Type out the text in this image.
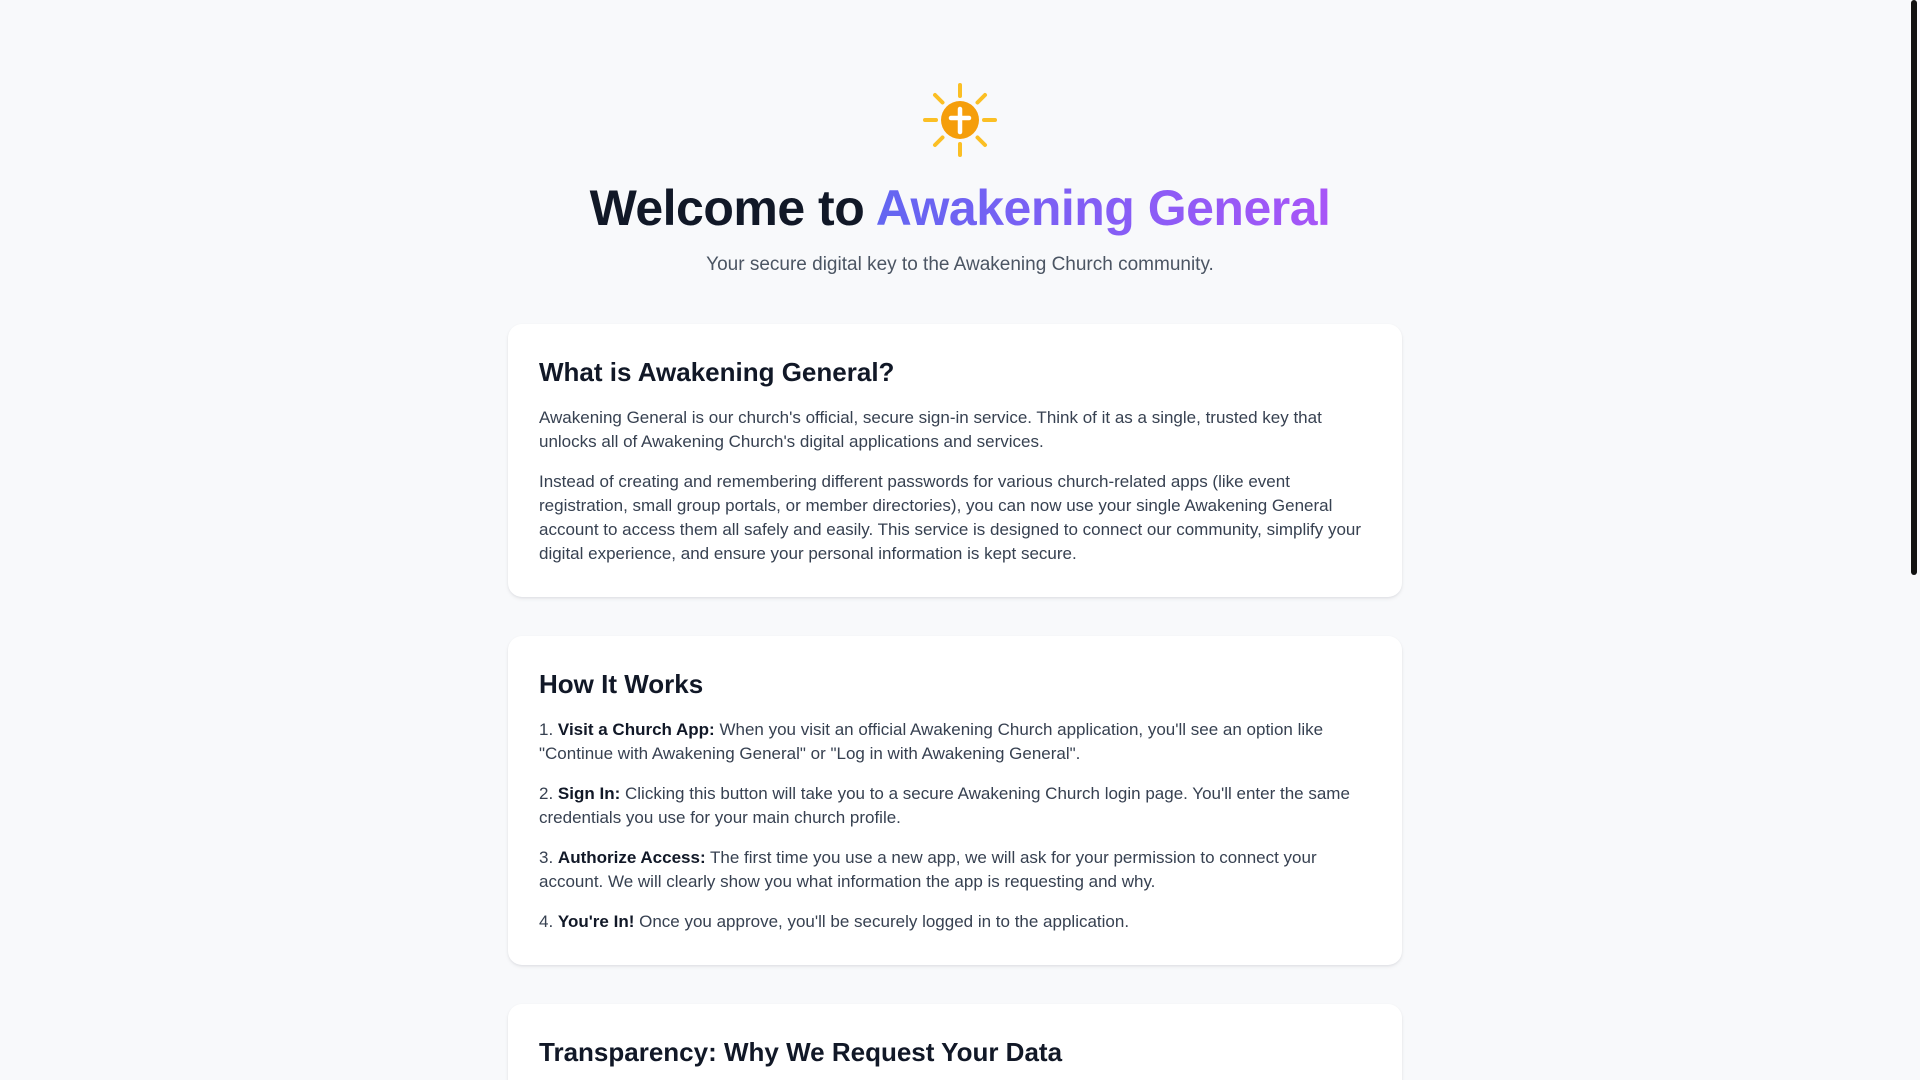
Welcome to Awakening General

Your secure digital key to the Awakening Church community.

What is Awakening General?

Awakening General is our church's official, secure sign-in service. Think of it as a single, trusted key that unlocks all of Awakening Church's digital applications and services.

Instead of creating and remembering different passwords for various church-related apps (like event registration, small group portals, or member directories), you can now use your single Awakening General account to access them all safely and easily. This service is designed to connect our community, simplify your digital experience, and ensure your personal information is kept secure.

How It Works

1. Visit a Church App: When you visit an official Awakening Church application, you'll see an option like "Continue with Awakening General" or "Log in with Awakening General".

2. Sign In: Clicking this button will take you to a secure Awakening Church login page. You'll enter the same credentials you use for your main church profile.

3. Authorize Access: The first time you use a new app, we will ask for your permission to connect your account. We will clearly show you what information the app is requesting and why.

4. You're In! Once you approve, you'll be securely logged in to the application.

Transparency: Why We Request Your Data
